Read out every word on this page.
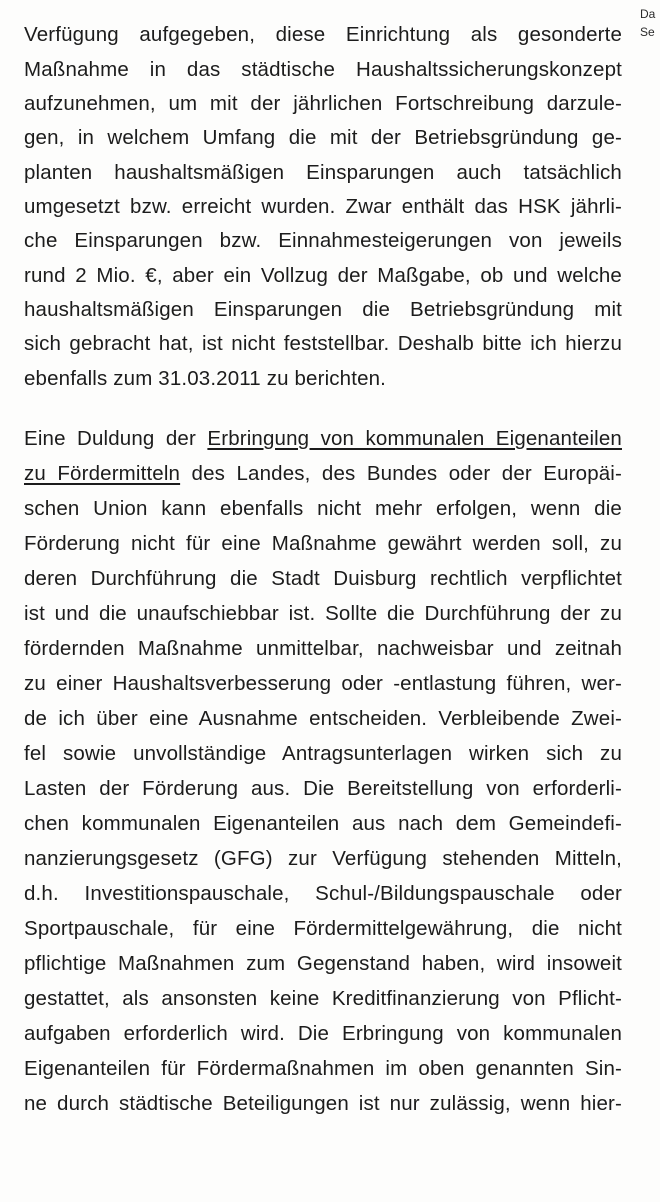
Da
Se
Verfügung aufgegeben, diese Einrichtung als gesonderte
Maßnahme in das städtische Haushaltssicherungskonzept
aufzunehmen, um mit der jährlichen Fortschreibung darzule-
gen, in welchem Umfang die mit der Betriebsgründung ge-
planten haushaltsmäßigen Einsparungen auch tatsächlich
umgesetzt bzw. erreicht wurden. Zwar enthält das HSK jährli-
che Einsparungen bzw. Einnahmesteigerungen von jeweils
rund 2 Mio. €, aber ein Vollzug der Maßgabe, ob und welche
haushaltsmäßigen Einsparungen die Betriebsgründung mit
sich gebracht hat, ist nicht feststellbar. Deshalb bitte ich hierzu
ebenfalls zum 31.03.2011 zu berichten.
Eine Duldung der Erbringung von kommunalen Eigenanteilen
zu Fördermitteln des Landes, des Bundes oder der Europäi-
schen Union kann ebenfalls nicht mehr erfolgen, wenn die
Förderung nicht für eine Maßnahme gewährt werden soll, zu
deren Durchführung die Stadt Duisburg rechtlich verpflichtet
ist und die unaufschiebbar ist. Sollte die Durchführung der zu
fördernden Maßnahme unmittelbar, nachweisbar und zeitnah
zu einer Haushaltsverbesserung oder -entlastung führen, wer-
de ich über eine Ausnahme entscheiden. Verbleibende Zwei-
fel sowie unvollständige Antragsunterlagen wirken sich zu
Lasten der Förderung aus. Die Bereitstellung von erforderli-
chen kommunalen Eigenanteilen aus nach dem Gemeindefi-
nanzierungsgesetz (GFG) zur Verfügung stehenden Mitteln,
d.h. Investitionspauschale, Schul-/Bildungspauschale oder
Sportpauschale, für eine Fördermittelgewährung, die nicht
pflichtige Maßnahmen zum Gegenstand haben, wird insoweit
gestattet, als ansonsten keine Kreditfinanzierung von Pflicht-
aufgaben erforderlich wird. Die Erbringung von kommunalen
Eigenanteilen für Fördermaßnahmen im oben genannten Sin-
ne durch städtische Beteiligungen ist nur zulässig, wenn hier-
